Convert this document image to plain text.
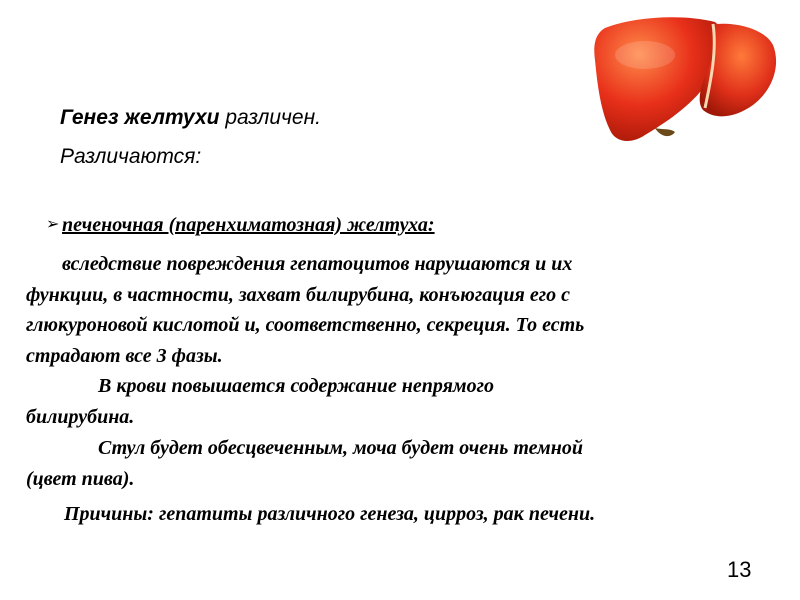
Генез желтухи различен.
Различаются:
➢ печеночная (паренхиматозная) желтуха:
вследствие повреждения гепатоцитов нарушаются и их
функции, в частности, захват билирубина, конъюгация его с
глюкуроновой кислотой и, соответственно, секреция. То есть
страдают все 3 фазы.
В крови повышается содержание непрямого
билирубина.
Стул будет обесцвеченным, моча будет очень темной
(цвет пива).
Причины: гепатиты различного генеза, цирроз, рак печени.
13
